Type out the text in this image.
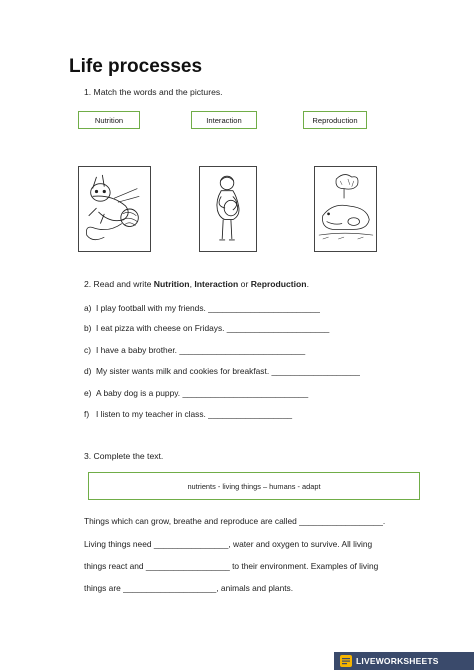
Life processes
1. Match the words and the pictures.
Nutrition	Interaction	Reproduction
2. Read and write Nutrition, Interaction or Reproduction.
a) I play football with my friends. ________________________
b) I eat pizza with cheese on Fridays. ______________________
c) I have a baby brother. ___________________________
d) My sister wants milk and cookies for breakfast. ___________________
e) A baby dog is a puppy. ___________________________
f) I listen to my teacher in class. __________________
3. Complete the text.
nutrients - living things – humans - adapt
Things which can grow, breathe and reproduce are called __________________.
Living things need ________________, water and oxygen to survive. All living
things react and __________________ to their environment. Examples of living
things are ____________________, animals and plants.
LIVEWORKSHEETS
